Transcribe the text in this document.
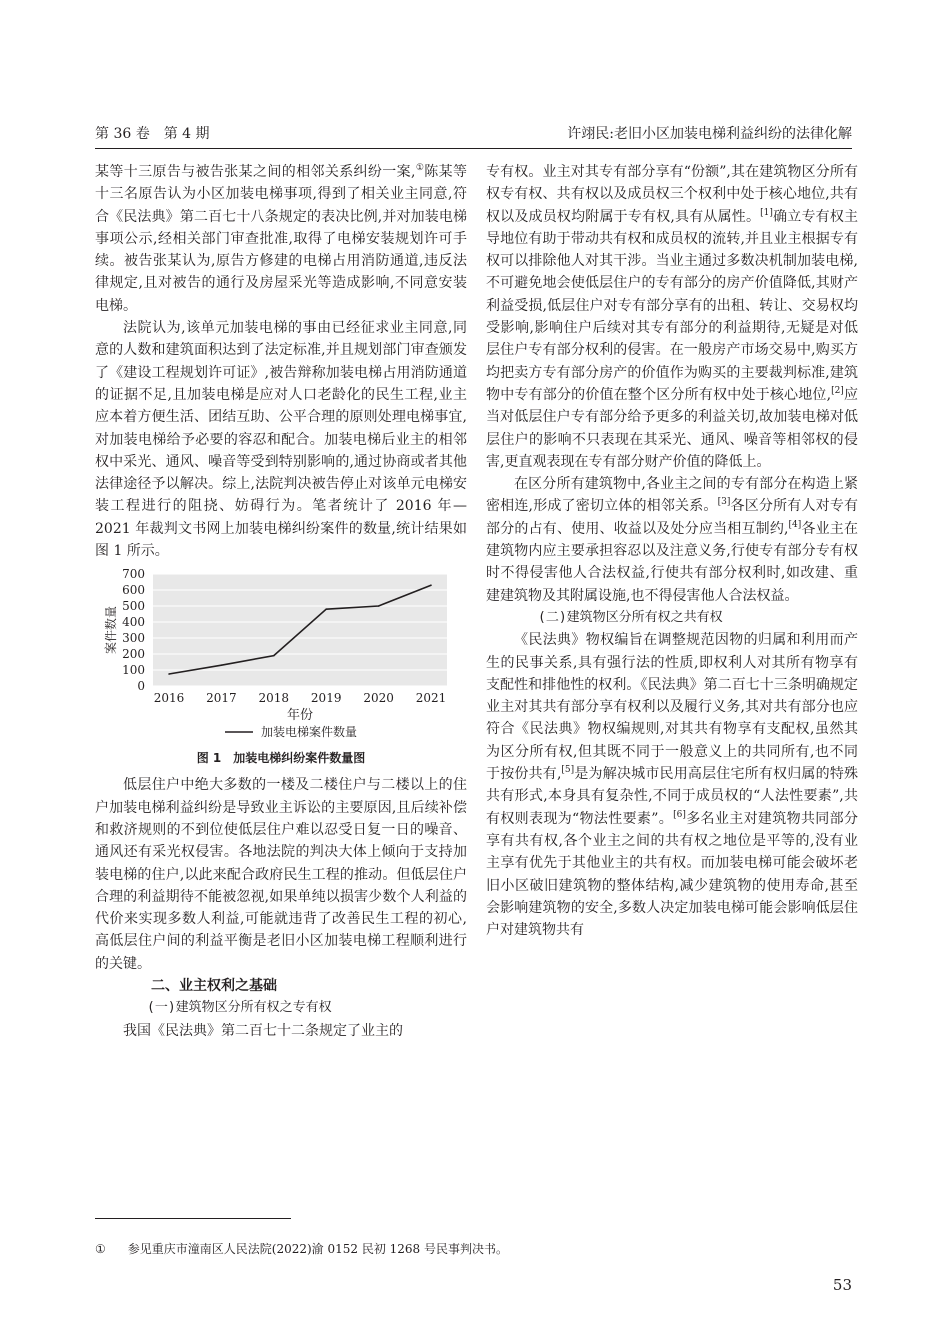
第 36 卷　第 4 期	许翊民:老旧小区加装电梯利益纠纷的法律化解

某等十三原告与被告张某之间的相邻关系纠纷一案,①陈某等十三名原告认为小区加装电梯事项,得到了相关业主同意,符合《民法典》第二百七十八条规定的表决比例,并对加装电梯事项公示,经相关部门审查批准,取得了电梯安装规划许可手续。被告张某认为,原告方修建的电梯占用消防通道,违反法律规定,且对被告的通行及房屋采光等造成影响,不同意安装电梯。

法院认为,该单元加装电梯的事由已经征求业主同意,同意的人数和建筑面积达到了法定标准,并且规划部门审查颁发了《建设工程规划许可证》,被告辩称加装电梯占用消防通道的证据不足,且加装电梯是应对人口老龄化的民生工程,业主应本着方便生活、团结互助、公平合理的原则处理电梯事宜,对加装电梯给予必要的容忍和配合。加装电梯后业主的相邻权中采光、通风、噪音等受到特别影响的,通过协商或者其他法律途径予以解决。综上,法院判决被告停止对该单元电梯安装工程进行的阻挠、妨碍行为。笔者统计了 2016 年—2021 年裁判文书网上加装电梯纠纷案件的数量,统计结果如图 1 所示。

0
100
200
300
400
500
600
700
2016 2017 2018 2019 2020 2021
案件数量
年份
加装电梯案件数量
图 1 加装电梯纠纷案件数量图

低层住户中绝大多数的一楼及二楼住户与二楼以上的住户加装电梯利益纠纷是导致业主诉讼的主要原因,且后续补偿和救济规则的不到位使低层住户难以忍受日复一日的噪音、通风还有采光权侵害。各地法院的判决大体上倾向于支持加装电梯的住户,以此来配合政府民生工程的推动。但低层住户合理的利益期待不能被忽视,如果单纯以损害少数个人利益的代价来实现多数人利益,可能就违背了改善民生工程的初心,高低层住户间的利益平衡是老旧小区加装电梯工程顺利进行的关键。

二、业主权利之基础

(一)建筑物区分所有权之专有权

我国《民法典》第二百七十二条规定了业主的

专有权。业主对其专有部分享有“份额”,其在建筑物区分所有权专有权、共有权以及成员权三个权利中处于核心地位,共有权以及成员权均附属于专有权,具有从属性。[1]确立专有权主导地位有助于带动共有权和成员权的流转,并且业主根据专有权可以排除他人对其干涉。当业主通过多数决机制加装电梯,不可避免地会使低层住户的专有部分的房产价值降低,其财产利益受损,低层住户对专有部分享有的出租、转让、交易权均受影响,影响住户后续对其专有部分的利益期待,无疑是对低层住户专有部分权利的侵害。在一般房产市场交易中,购买方均把卖方专有部分房产的价值作为购买的主要裁判标准,建筑物中专有部分的价值在整个区分所有权中处于核心地位,[2]应当对低层住户专有部分给予更多的利益关切,故加装电梯对低层住户的影响不只表现在其采光、通风、噪音等相邻权的侵害,更直观表现在专有部分财产价值的降低上。

在区分所有建筑物中,各业主之间的专有部分在构造上紧密相连,形成了密切立体的相邻关系。[3]各区分所有人对专有部分的占有、使用、收益以及处分应当相互制约,[4]各业主在建筑物内应主要承担容忍以及注意义务,行使专有部分专有权时不得侵害他人合法权益,行使共有部分权利时,如改建、重建建筑物及其附属设施,也不得侵害他人合法权益。

(二)建筑物区分所有权之共有权

《民法典》物权编旨在调整规范因物的归属和利用而产生的民事关系,具有强行法的性质,即权利人对其所有物享有支配性和排他性的权利。《民法典》第二百七十三条明确规定业主对其共有部分享有权利以及履行义务,其对共有部分也应符合《民法典》物权编规则,对其共有物享有支配权,虽然其为区分所有权,但其既不同于一般意义上的共同所有,也不同于按份共有,[5]是为解决城市民用高层住宅所有权归属的特殊共有形式,本身具有复杂性,不同于成员权的“人法性要素”,共有权则表现为“物法性要素”。[6]多名业主对建筑物共同部分享有共有权,各个业主之间的共有权之地位是平等的,没有业主享有优先于其他业主的共有权。而加装电梯可能会破坏老旧小区破旧建筑物的整体结构,减少建筑物的使用寿命,甚至会影响建筑物的安全,多数人决定加装电梯可能会影响低层住户对建筑物共有

① 参见重庆市潼南区人民法院(2022)渝 0152 民初 1268 号民事判决书。
53
